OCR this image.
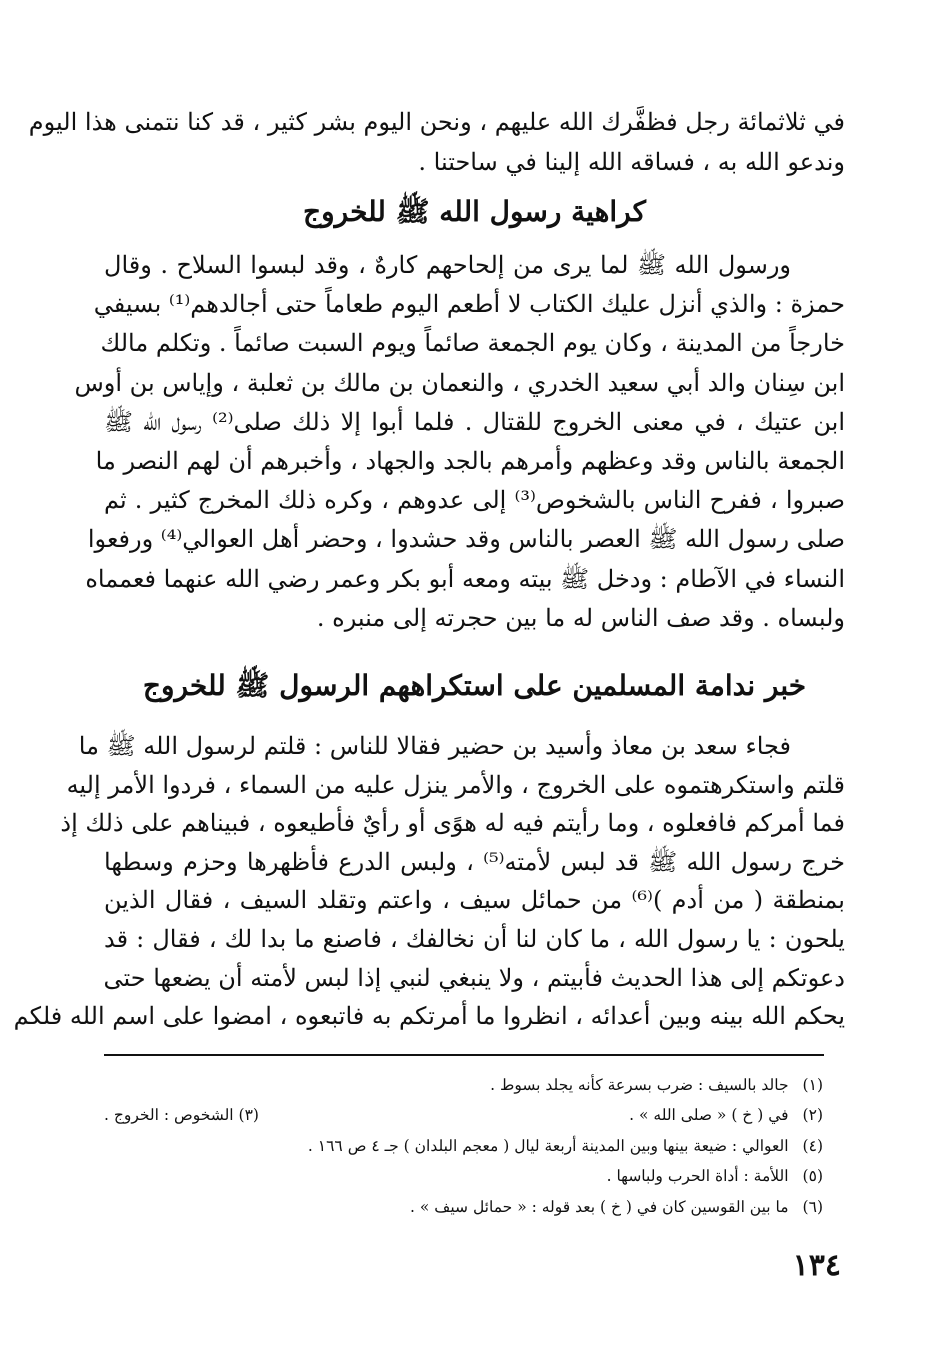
في ثلاثمائة رجل فظفَّرك الله عليهم ، ونحن اليوم بشر كثير ، قد كنا نتمنى هذا اليوم
وندعو الله به ، فساقه الله إلينا في ساحتنا .
كراهية رسول الله ﷺ للخروج
ورسول الله ﷺ لما يرى من إلحاحهم كارهٌ ، وقد لبسوا السلاح . وقال
حمزة : والذي أنزل عليك الكتاب لا أطعم اليوم طعاماً حتى أجالدهم⁽¹⁾ بسيفي
خارجاً من المدينة ، وكان يوم الجمعة صائماً ويوم السبت صائماً . وتكلم مالك
ابن سِنان والد أبي سعيد الخدري ، والنعمان بن مالك بن ثعلبة ، وإياس بن أوس
ابن عتيك ، في معنى الخروج للقتال . فلما أبوا إلا ذلك صلى⁽²⁾ رسول الله ﷺ
الجمعة بالناس وقد وعظهم وأمرهم بالجد والجهاد ، وأخبرهم أن لهم النصر ما
صبروا ، ففرح الناس بالشخوص⁽³⁾ إلى عدوهم ، وكره ذلك المخرج كثير . ثم
صلى رسول الله ﷺ العصر بالناس وقد حشدوا ، وحضر أهل العوالي⁽⁴⁾ ورفعوا
النساء في الآطام : ودخل ﷺ بيته ومعه أبو بكر وعمر رضي الله عنهما فعمماه
ولبساه . وقد صف الناس له ما بين حجرته إلى منبره .
خبر ندامة المسلمين على استكراههم الرسول ﷺ للخروج
فجاء سعد بن معاذ وأسيد بن حضير فقالا للناس : قلتم لرسول الله ﷺ ما
قلتم واستكرهتموه على الخروج ، والأمر ينزل عليه من السماء ، فردوا الأمر إليه
فما أمركم فافعلوه ، وما رأيتم فيه له هوًى أو رأيٌ فأطيعوه ، فبيناهم على ذلك إذ
خرج رسول الله ﷺ قد لبس لأمته⁽⁵⁾ ، ولبس الدرع فأظهرها وحزم وسطها
بمنطقة ( من أدم )⁽⁶⁾ من حمائل سيف ، واعتم وتقلد السيف ، فقال الذين
يلحون : يا رسول الله ، ما كان لنا أن نخالفك ، فاصنع ما بدا لك ، فقال : قد
دعوتكم إلى هذا الحديث فأبيتم ، ولا ينبغي لنبي إذا لبس لأمته أن يضعها حتى
يحكم الله بينه وبين أعدائه ، انظروا ما أمرتكم به فاتبعوه ، امضوا على اسم الله فلكم
(١)جالد بالسيف : ضرب بسرعة كأنه يجلد بسوط .
(٢)في ( خ ) « صلى الله » .
(٣) الشخوص : الخروج .
(٤)العوالي : ضيعة بينها وبين المدينة أربعة ليال ( معجم البلدان ) جـ ٤ ص ١٦٦ .
(٥)اللأمة : أداة الحرب ولباسها .
(٦)ما بين القوسين كان في ( خ ) بعد قوله : « حمائل سيف » .
١٣٤
